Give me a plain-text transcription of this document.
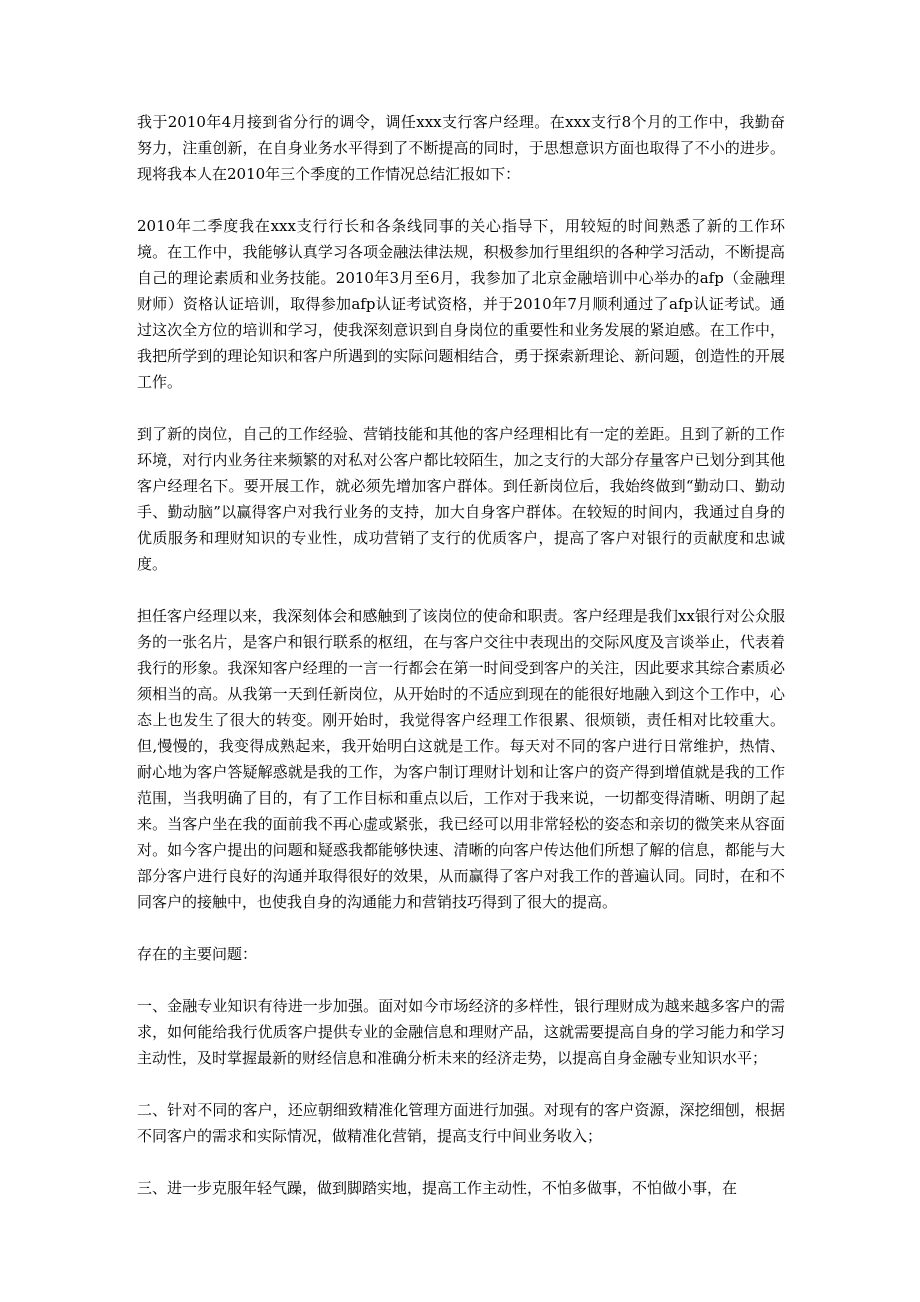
我于2010年4月接到省分行的调令，调任xxx支行客户经理。在xxx支行8个月的工作中，我勤奋努力，注重创新，在自身业务水平得到了不断提高的同时，于思想意识方面也取得了不小的进步。现将我本人在2010年三个季度的工作情况总结汇报如下：

2010年二季度我在xxx支行行长和各条线同事的关心指导下，用较短的时间熟悉了新的工作环境。在工作中，我能够认真学习各项金融法律法规，积极参加行里组织的各种学习活动，不断提高自己的理论素质和业务技能。2010年3月至6月，我参加了北京金融培训中心举办的afp（金融理财师）资格认证培训，取得参加afp认证考试资格，并于2010年7月顺利通过了afp认证考试。通过这次全方位的培训和学习，使我深刻意识到自身岗位的重要性和业务发展的紧迫感。在工作中，我把所学到的理论知识和客户所遇到的实际问题相结合，勇于探索新理论、新问题，创造性的开展工作。

到了新的岗位，自己的工作经验、营销技能和其他的客户经理相比有一定的差距。且到了新的工作环境，对行内业务往来频繁的对私对公客户都比较陌生，加之支行的大部分存量客户已划分到其他客户经理名下。要开展工作，就必须先增加客户群体。到任新岗位后，我始终做到“勤动口、勤动手、勤动脑”以赢得客户对我行业务的支持，加大自身客户群体。在较短的时间内，我通过自身的优质服务和理财知识的专业性，成功营销了支行的优质客户，提高了客户对银行的贡献度和忠诚度。

担任客户经理以来，我深刻体会和感触到了该岗位的使命和职责。客户经理是我们xx银行对公众服务的一张名片，是客户和银行联系的枢纽，在与客户交往中表现出的交际风度及言谈举止，代表着我行的形象。我深知客户经理的一言一行都会在第一时间受到客户的关注，因此要求其综合素质必须相当的高。从我第一天到任新岗位，从开始时的不适应到现在的能很好地融入到这个工作中，心态上也发生了很大的转变。刚开始时，我觉得客户经理工作很累、很烦锁，责任相对比较重大。但,慢慢的，我变得成熟起来，我开始明白这就是工作。每天对不同的客户进行日常维护，热情、耐心地为客户答疑解惑就是我的工作，为客户制订理财计划和让客户的资产得到增值就是我的工作范围，当我明确了目的，有了工作目标和重点以后，工作对于我来说，一切都变得清晰、明朗了起来。当客户坐在我的面前我不再心虚或紧张，我已经可以用非常轻松的姿态和亲切的微笑来从容面对。如今客户提出的问题和疑惑我都能够快速、清晰的向客户传达他们所想了解的信息，都能与大部分客户进行良好的沟通并取得很好的效果，从而赢得了客户对我工作的普遍认同。同时，在和不同客户的接触中，也使我自身的沟通能力和营销技巧得到了很大的提高。

存在的主要问题：

一、金融专业知识有待进一步加强。面对如今市场经济的多样性，银行理财成为越来越多客户的需求，如何能给我行优质客户提供专业的金融信息和理财产品，这就需要提高自身的学习能力和学习主动性，及时掌握最新的财经信息和准确分析未来的经济走势，以提高自身金融专业知识水平；

二、针对不同的客户，还应朝细致精准化管理方面进行加强。对现有的客户资源，深挖细刨，根据不同客户的需求和实际情况，做精准化营销，提高支行中间业务收入；

三、进一步克服年轻气躁，做到脚踏实地，提高工作主动性，不怕多做事，不怕做小事，在
